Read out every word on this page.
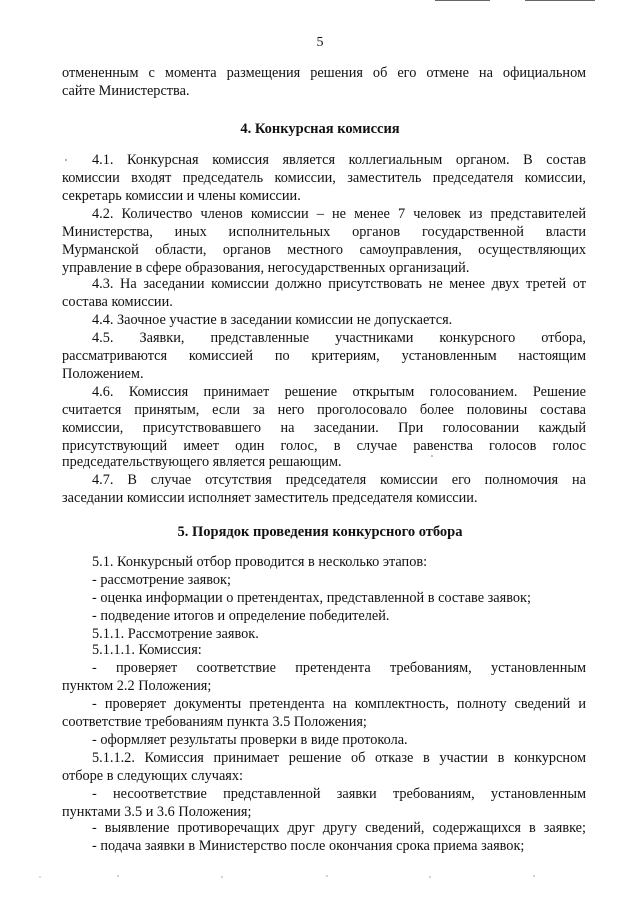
5
отмененным с момента размещения решения об его отмене на официальном
сайте Министерства.
4. Конкурсная комиссия
4.1. Конкурсная комиссия является коллегиальным органом. В состав
комиссии входят председатель комиссии, заместитель председателя комиссии,
секретарь комиссии и члены комиссии.
4.2. Количество членов комиссии – не менее 7 человек из представителей
Министерства, иных исполнительных органов государственной власти
Мурманской области, органов местного самоуправления, осуществляющих
управление в сфере образования, негосударственных организаций.
4.3. На заседании комиссии должно присутствовать не менее двух третей от
состава комиссии.
4.4. Заочное участие в заседании комиссии не допускается.
4.5. Заявки, представленные участниками конкурсного отбора,
рассматриваются комиссией по критериям, установленным настоящим
Положением.
4.6. Комиссия принимает решение открытым голосованием. Решение
считается принятым, если за него проголосовало более половины состава
комиссии, присутствовавшего на заседании. При голосовании каждый
присутствующий имеет один голос, в случае равенства голосов голос
председательствующего является решающим.
4.7. В случае отсутствия председателя комиссии его полномочия на
заседании комиссии исполняет заместитель председателя комиссии.
5. Порядок проведения конкурсного отбора
5.1. Конкурсный отбор проводится в несколько этапов:
- рассмотрение заявок;
- оценка информации о претендентах, представленной в составе заявок;
- подведение итогов и определение победителей.
5.1.1. Рассмотрение заявок.
5.1.1.1. Комиссия:
- проверяет соответствие претендента требованиям, установленным
пунктом 2.2 Положения;
- проверяет документы претендента на комплектность, полноту сведений и
соответствие требованиям пункта 3.5 Положения;
- оформляет результаты проверки в виде протокола.
5.1.1.2. Комиссия принимает решение об отказе в участии в конкурсном
отборе в следующих случаях:
- несоответствие представленной заявки требованиям, установленным
пунктами 3.5 и 3.6 Положения;
- выявление противоречащих друг другу сведений, содержащихся в заявке;
- подача заявки в Министерство после окончания срока приема заявок;
